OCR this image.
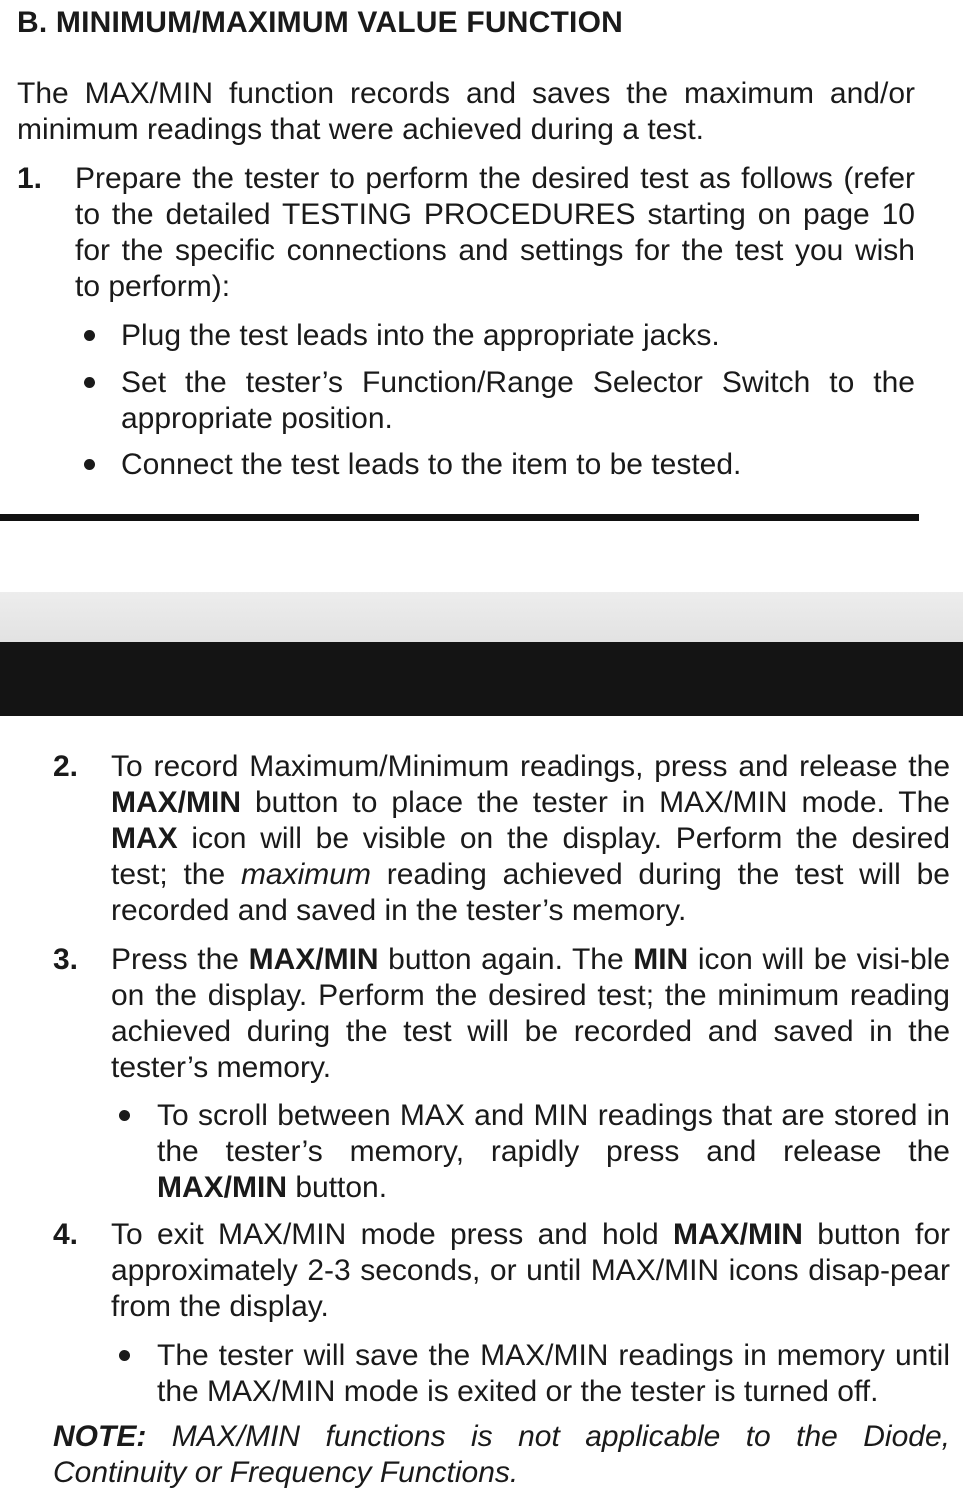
B. MINIMUM/MAXIMUM VALUE FUNCTION

The MAX/MIN function records and saves the maximum and/or minimum readings that were achieved during a test.

1. Prepare the tester to perform the desired test as follows (refer to the detailed TESTING PROCEDURES starting on page 10 for the specific connections and settings for the test you wish to perform):

Plug the test leads into the appropriate jacks.

Set the tester’s Function/Range Selector Switch to the appropriate position.

Connect the test leads to the item to be tested.

2. To record Maximum/Minimum readings, press and release the MAX/MIN button to place the tester in MAX/MIN mode. The MAX icon will be visible on the display. Perform the desired test; the maximum reading achieved during the test will be recorded and saved in the tester’s memory.

3. Press the MAX/MIN button again. The MIN icon will be visi-ble on the display. Perform the desired test; the minimum reading achieved during the test will be recorded and saved in the tester’s memory.

To scroll between MAX and MIN readings that are stored in the tester’s memory, rapidly press and release the MAX/MIN button.

4. To exit MAX/MIN mode press and hold MAX/MIN button for approximately 2-3 seconds, or until MAX/MIN icons disap-pear from the display.

The tester will save the MAX/MIN readings in memory until the MAX/MIN mode is exited or the tester is turned off.

NOTE: MAX/MIN functions is not applicable to the Diode, Continuity or Frequency Functions.
